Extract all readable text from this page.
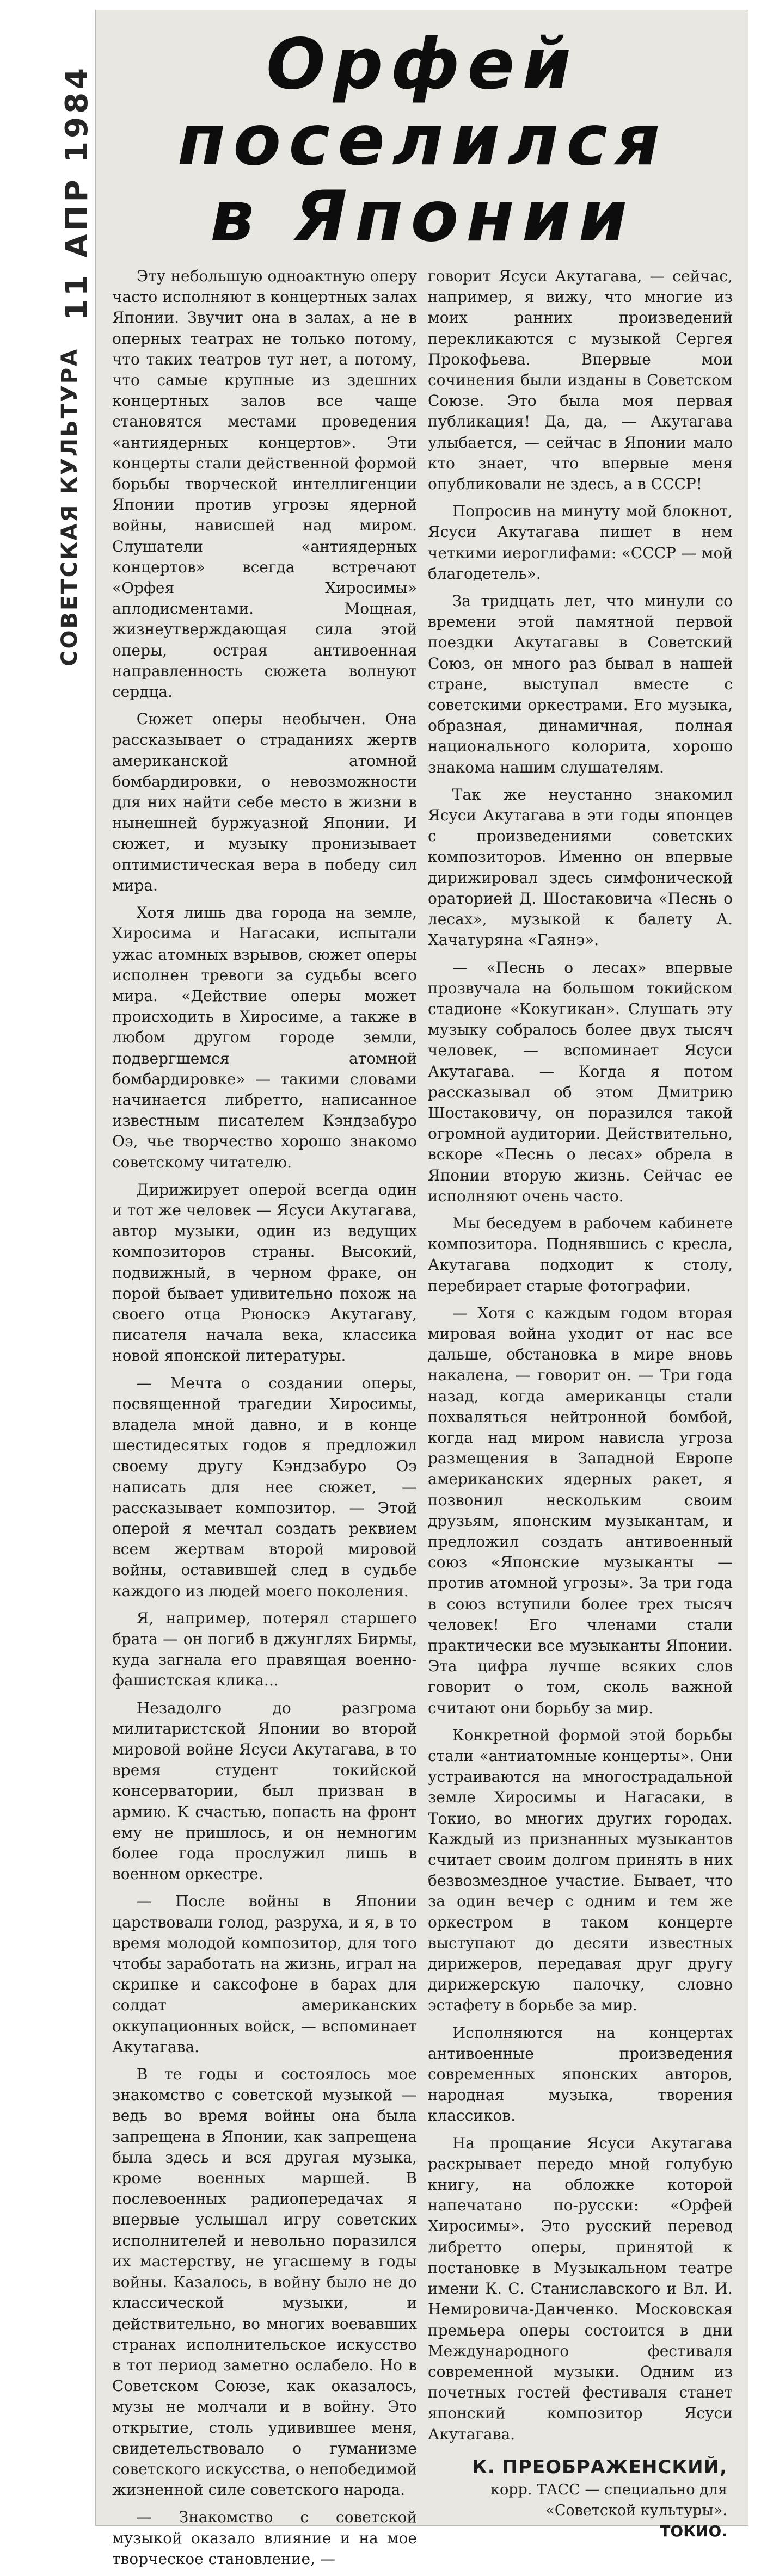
11 АПР 1984
СОВЕТСКАЯ КУЛЬТУРА
Орфей
поселился
в Японии

Эту небольшую одноактную оперу часто исполняют в концертных залах Японии. Звучит она в залах, а не в оперных театрах не только потому, что таких театров тут нет, а потому, что самые крупные из здешних концертных залов все чаще становятся местами проведения «антиядерных концертов». Эти концерты стали действенной формой борьбы творческой интеллигенции Японии против угрозы ядерной войны, нависшей над миром. Слушатели «антиядерных концертов» всегда встречают «Орфея Хиросимы» аплодисментами. Мощная, жизнеутверждающая сила этой оперы, острая антивоенная направленность сюжета волнуют сердца.

Сюжет оперы необычен. Она рассказывает о страданиях жертв американской атомной бомбардировки, о невозможности для них найти себе место в жизни в нынешней буржуазной Японии. И сюжет, и музыку пронизывает оптимистическая вера в победу сил мира.

Хотя лишь два города на земле, Хиросима и Нагасаки, испытали ужас атомных взрывов, сюжет оперы исполнен тревоги за судьбы всего мира. «Действие оперы может происходить в Хиросиме, а также в любом другом городе земли, подвергшемся атомной бомбардировке» — такими словами начинается либретто, написанное известным писателем Кэндзабуро Оэ, чье творчество хорошо знакомо советскому читателю.

Дирижирует оперой всегда один и тот же человек — Ясуси Акутагава, автор музыки, один из ведущих композиторов страны. Высокий, подвижный, в черном фраке, он порой бывает удивительно похож на своего отца Рюноскэ Акутагаву, писателя начала века, классика новой японской литературы.

— Мечта о создании оперы, посвященной трагедии Хиросимы, владела мной давно, и в конце шестидесятых годов я предложил своему другу Кэндзабуро Оэ написать для нее сюжет, — рассказывает композитор. — Этой оперой я мечтал создать реквием всем жертвам второй мировой войны, оставившей след в судьбе каждого из людей моего поколения.

Я, например, потерял старшего брата — он погиб в джунглях Бирмы, куда загнала его правящая военно-фашистская клика...

Незадолго до разгрома милитаристской Японии во второй мировой войне Ясуси Акутагава, в то время студент токийской консерватории, был призван в армию. К счастью, попасть на фронт ему не пришлось, и он немногим более года прослужил лишь в военном оркестре.

— После войны в Японии царствовали голод, разруха, и я, в то время молодой композитор, для того чтобы заработать на жизнь, играл на скрипке и саксофоне в барах для солдат американских оккупационных войск, — вспоминает Акутагава.

В те годы и состоялось мое знакомство с советской музыкой — ведь во время войны она была запрещена в Японии, как запрещена была здесь и вся другая музыка, кроме военных маршей. В послевоенных радиопередачах я впервые услышал игру советских исполнителей и невольно поразился их мастерству, не угасшему в годы войны. Казалось, в войну было не до классической музыки, и действительно, во многих воевавших странах исполнительское искусство в тот период заметно ослабело. Но в Советском Союзе, как оказалось, музы не молчали и в войну. Это открытие, столь удивившее меня, свидетельствовало о гуманизме советского искусства, о непобедимой жизненной силе советского народа.

— Знакомство с советской музыкой оказало влияние и на мое творческое становление, —

говорит Ясуси Акутагава, — сейчас, например, я вижу, что многие из моих ранних произведений перекликаются с музыкой Сергея Прокофьева. Впервые мои сочинения были изданы в Советском Союзе. Это была моя первая публикация! Да, да, — Акутагава улыбается, — сейчас в Японии мало кто знает, что впервые меня опубликовали не здесь, а в СССР!

Попросив на минуту мой блокнот, Ясуси Акутагава пишет в нем четкими иероглифами: «СССР — мой благодетель».

За тридцать лет, что минули со времени этой памятной первой поездки Акутагавы в Советский Союз, он много раз бывал в нашей стране, выступал вместе с советскими оркестрами. Его музыка, образная, динамичная, полная национального колорита, хорошо знакома нашим слушателям.

Так же неустанно знакомил Ясуси Акутагава в эти годы японцев с произведениями советских композиторов. Именно он впервые дирижировал здесь симфонической ораторией Д. Шостаковича «Песнь о лесах», музыкой к балету А. Хачатуряна «Гаянэ».

— «Песнь о лесах» впервые прозвучала на большом токийском стадионе «Кокугикан». Слушать эту музыку собралось более двух тысяч человек, — вспоминает Ясуси Акутагава. — Когда я потом рассказывал об этом Дмитрию Шостаковичу, он поразился такой огромной аудитории. Действительно, вскоре «Песнь о лесах» обрела в Японии вторую жизнь. Сейчас ее исполняют очень часто.

Мы беседуем в рабочем кабинете композитора. Поднявшись с кресла, Акутагава подходит к столу, перебирает старые фотографии.

— Хотя с каждым годом вторая мировая война уходит от нас все дальше, обстановка в мире вновь накалена, — говорит он. — Три года назад, когда американцы стали похваляться нейтронной бомбой, когда над миром нависла угроза размещения в Западной Европе американских ядерных ракет, я позвонил нескольким своим друзьям, японским музыкантам, и предложил создать антивоенный союз «Японские музыканты — против атомной угрозы». За три года в союз вступили более трех тысяч человек! Его членами стали практически все музыканты Японии. Эта цифра лучше всяких слов говорит о том, сколь важной считают они борьбу за мир.

Конкретной формой этой борьбы стали «антиатомные концерты». Они устраиваются на многострадальной земле Хиросимы и Нагасаки, в Токио, во многих других городах. Каждый из признанных музыкантов считает своим долгом принять в них безвозмездное участие. Бывает, что за один вечер с одним и тем же оркестром в таком концерте выступают до десяти известных дирижеров, передавая друг другу дирижерскую палочку, словно эстафету в борьбе за мир.

Исполняются на концертах антивоенные произведения современных японских авторов, народная музыка, творения классиков.

На прощание Ясуси Акутагава раскрывает передо мной голубую книгу, на обложке которой напечатано по-русски: «Орфей Хиросимы». Это русский перевод либретто оперы, принятой к постановке в Музыкальном театре имени К. С. Станиславского и Вл. И. Немировича-Данченко. Московская премьера оперы состоится в дни Международного фестиваля современной музыки. Одним из почетных гостей фестиваля станет японский композитор Ясуси Акутагава.

К. ПРЕОБРАЖЕНСКИЙ,
корр. ТАСС — специально для «Советской культуры».
ТОКИО.
